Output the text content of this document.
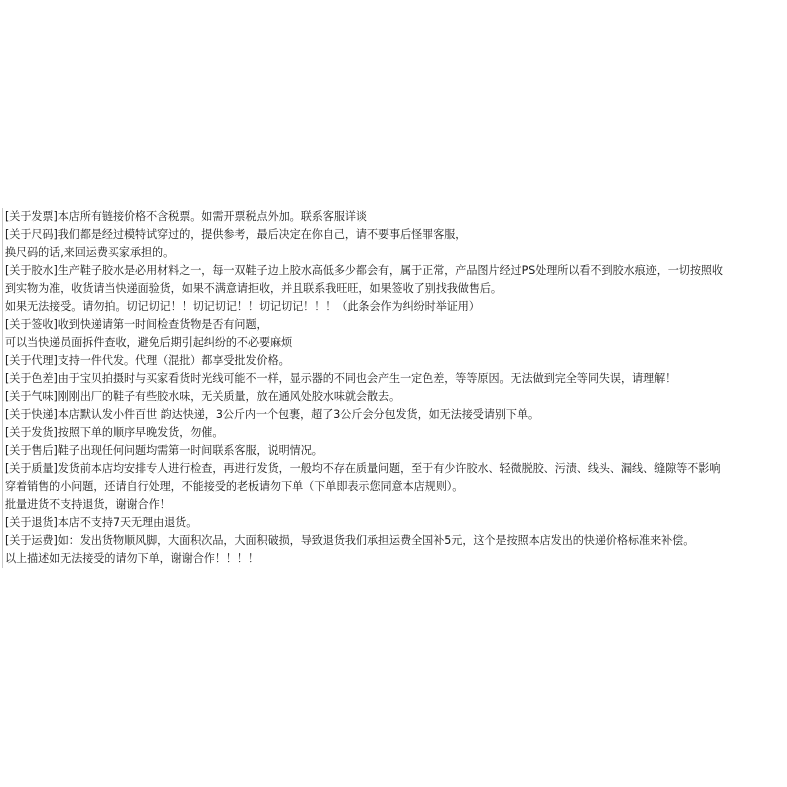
[关于发票]本店所有链接价格不含税票。如需开票税点外加。联系客服详谈
[关于尺码]我们都是经过模特试穿过的，提供参考，最后决定在你自己，请不要事后怪罪客服，
换尺码的话,来回运费买家承担的。
[关于胶水]生产鞋子胶水是必用材料之一，每一双鞋子边上胶水高低多少都会有，属于正常，产品图片经过PS处理所以看不到胶水痕迹，一切按照收
到实物为准，收货请当快递面验货，如果不满意请拒收，并且联系我旺旺，如果签收了别找我做售后。
如果无法接受。请勿拍。切记切记！！切记切记！！切记切记！！！（此条会作为纠纷时举证用）
[关于签收]收到快递请第一时间检查货物是否有问题，
可以当快递员面拆件查收，避免后期引起纠纷的不必要麻烦
[关于代理]支持一件代发。代理（混批）都享受批发价格。
[关于色差]由于宝贝拍摄时与买家看货时光线可能不一样，显示器的不同也会产生一定色差，等等原因。无法做到完全等同失误，请理解！
[关于气味]刚刚出厂的鞋子有些胶水味，无关质量，放在通风处胶水味就会散去。
[关于快递]本店默认发小件百世 韵达快递，3公斤内一个包裹，超了3公斤会分包发货，如无法接受请别下单。
[关于发货]按照下单的顺序早晚发货，勿催。
[关于售后]鞋子出现任何问题均需第一时间联系客服，说明情况。
[关于质量]发货前本店均安排专人进行检查，再进行发货，一般均不存在质量问题，至于有少许胶水、轻微脱胶、污渍、线头、漏线、缝隙等不影响
穿着销售的小问题，还请自行处理，不能接受的老板请勿下单（下单即表示您同意本店规则）。
批量进货不支持退货，谢谢合作！
[关于退货]本店不支持7天无理由退货。
[关于运费]如：发出货物顺风脚，大面积次品，大面积破损，导致退货我们承担运费全国补5元，这个是按照本店发出的快递价格标准来补偿。
以上描述如无法接受的请勿下单，谢谢合作！！！！
